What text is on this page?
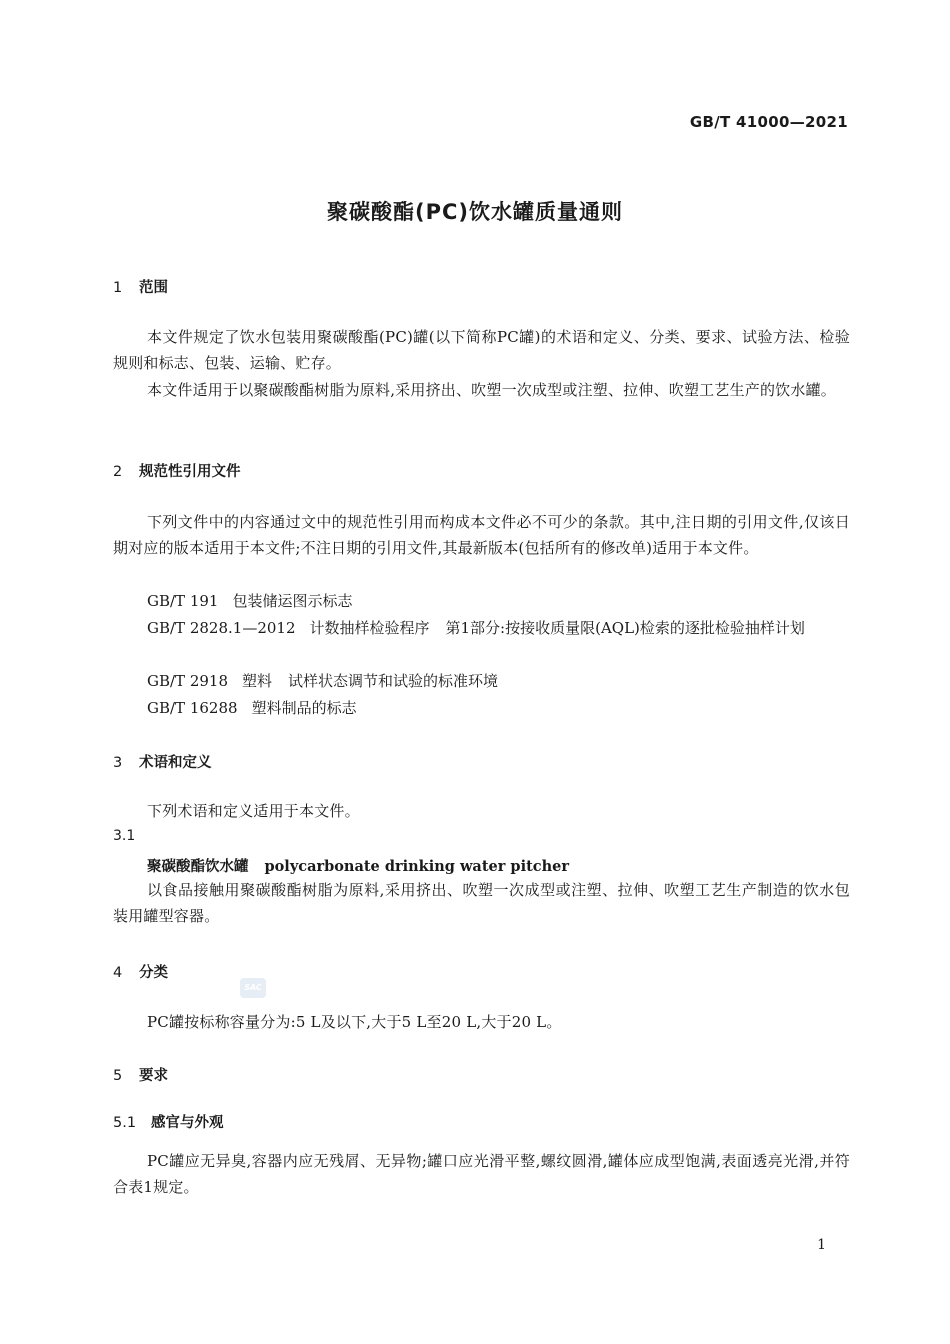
GB/T 41000—2021
聚碳酸酯(PC)饮水罐质量通则
1 范围
本文件规定了饮水包装用聚碳酸酯(PC)罐(以下简称PC罐)的术语和定义、分类、要求、试验方法、检验规则和标志、包装、运输、贮存。
本文件适用于以聚碳酸酯树脂为原料,采用挤出、吹塑一次成型或注塑、拉伸、吹塑工艺生产的饮水罐。
2 规范性引用文件
下列文件中的内容通过文中的规范性引用而构成本文件必不可少的条款。其中,注日期的引用文件,仅该日期对应的版本适用于本文件;不注日期的引用文件,其最新版本(包括所有的修改单)适用于本文件。
GB/T 191 包装储运图示标志
GB/T 2828.1—2012 计数抽样检验程序 第1部分:按接收质量限(AQL)检索的逐批检验抽样计划
GB/T 2918 塑料 试样状态调节和试验的标准环境
GB/T 16288 塑料制品的标志
3 术语和定义
下列术语和定义适用于本文件。
3.1
聚碳酸酯饮水罐 polycarbonate drinking water pitcher
以食品接触用聚碳酸酯树脂为原料,采用挤出、吹塑一次成型或注塑、拉伸、吹塑工艺生产制造的饮水包装用罐型容器。
4 分类
SAC
PC罐按标称容量分为:5 L及以下,大于5 L至20 L,大于20 L。
5 要求
5.1 感官与外观
PC罐应无异臭,容器内应无残屑、无异物;罐口应光滑平整,螺纹圆滑,罐体应成型饱满,表面透亮光滑,并符合表1规定。
1
